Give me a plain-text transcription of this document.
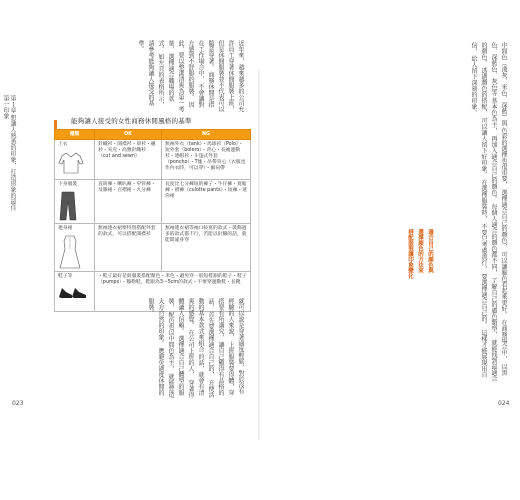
第１章 想讓人熟悉的印象，打造形象的最佳第一印象	近年來，越來越多的公司允許員工穿著休閒服裝上班， 但是休閒服裝並不代表可以隨意穿著。 商務休閒是指在工作場合中， 不會讓對方感到不舒服的服裝。 因此，要以整潔清爽為第一考量， 選擇適合職場的款式。 如左頁的表格所示， 請參考能夠讓人接受的基準。
能夠讓人接受的女性商務休閒風格的基準
種類	OK	NG
上衣	針織衫・開襟衫・罩衫・襯衫・夾克・高雅針織衫（cut and sewn）	無袖外衣（tank）・馬球衫（Polo）・短外套（bolero）・背心・長袖運動衫・連帽衫・斗篷式外套（poncho）・T恤・吊帶背心（衣服也作內衣時，可以穿）・細肩帶
下身服裝	直筒褲・喇叭褲・窄管褲・及膝裙・百褶裙・九分褲	長度比七分褲短的褲子・牛仔褲・寬鬆褲・褶褲（culotte pants）・短褲・迷你裙
連身裙	無袖連衣裙要特別搭配外套的款式，可以搭配開襟衫	無袖連衣裙等袖口較寬的款式・裝飾過多的款式都不行，若能以針腳的話，就能間違身穿
鞋子等	・鞋子最好是與服裝搭配顏色・米色・避免穿一般短鞋跟的鞋子・鞋子（pumps）・穆勒鞋，鞋跟為3〜5cm的款式・不要穿運動鞋・長靴	
就可以說是穿著過度輕鬆，對於沒有經驗的人來說， 上班服裝要得體，穿搭要有所講究， 讓自己顯得有品格的話， 首先要選擇適合自己的， 方便活動的基本款式來組合 的話，就會有清爽的感覺。 在公司上班的人， 穿著得體讓人信賴。 選擇適合自己體型的服裝， 配色也以中間色為主， 就能營造大方自然的印象。 應避免過度休閒的服裝。
023
中間色（淺灰、米色、深藍）與 色彩的選擇也很重要， 選擇適合自己的顏色， 可以讓臉色看起來更好。 在商務場合中， 以黑色、深藍色、灰色等 基本色為主， 再加入適合自己的顏色。 每個人適合的顏色都不同， 了解自己的膚色類型， 就能找到最適合的顏色。 透過顏色的搭配， 可以讓人留下好印象。 在選擇服裝時， 不要只考慮流行， 要選擇適合自己的。 這樣才能展現出自信， 給人留下深刻的印象。
適合自己的顏色與
選擇顏色的方法來
搭配服裝讓印象變化
024
